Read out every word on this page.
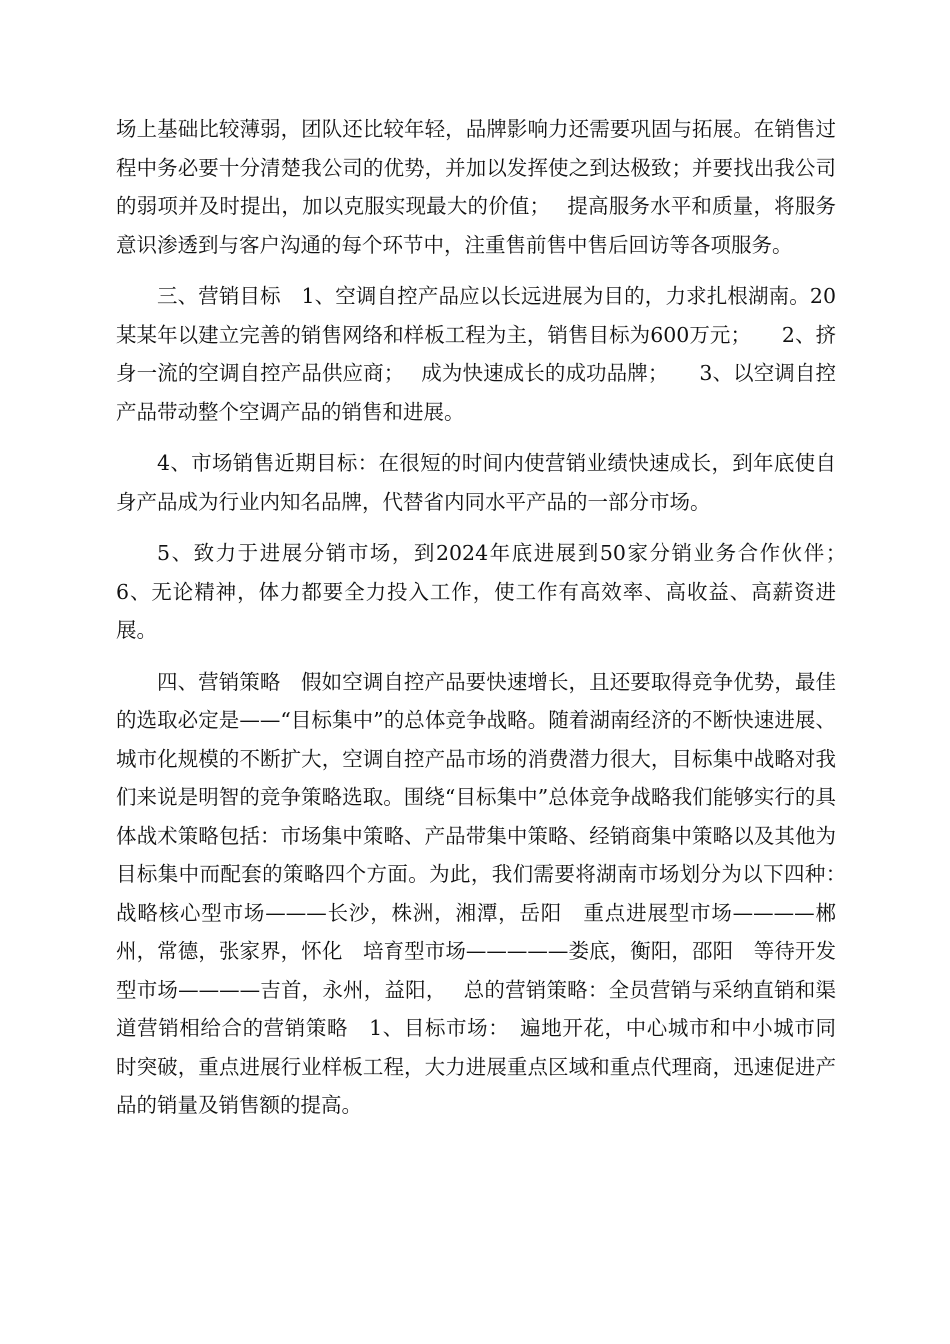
场上基础比较薄弱，团队还比较年轻，品牌影响力还需要巩固与拓展。在销售过程中务必要十分清楚我公司的优势，并加以发挥使之到达极致；并要找出我公司的弱项并及时提出，加以克服实现最大的价值；　 提高服务水平和质量，将服务意识渗透到与客户沟通的每个环节中，注重售前售中售后回访等各项服务。

三、营销目标　1、空调自控产品应以长远进展为目的，力求扎根湖南。20某某年以建立完善的销售网络和样板工程为主，销售目标为600万元；　　2、挤身一流的空调自控产品供应商；　 成为快速成长的成功品牌；　　3、以空调自控产品带动整个空调产品的销售和进展。

4、市场销售近期目标：在很短的时间内使营销业绩快速成长，到年底使自身产品成为行业内知名品牌，代替省内同水平产品的一部分市场。

5、致力于进展分销市场，到2024年底进展到50家分销业务合作伙伴；　　6、无论精神，体力都要全力投入工作，使工作有高效率、高收益、高薪资进展。

四、营销策略　假如空调自控产品要快速增长，且还要取得竞争优势，最佳的选取必定是——“目标集中”的总体竞争战略。随着湖南经济的不断快速进展、城市化规模的不断扩大，空调自控产品市场的消费潜力很大，目标集中战略对我们来说是明智的竞争策略选取。围绕“目标集中”总体竞争战略我们能够实行的具体战术策略包括：市场集中策略、产品带集中策略、经销商集中策略以及其他为目标集中而配套的策略四个方面。为此，我们需要将湖南市场划分为以下四种：　 战略核心型市场———长沙，株洲，湘潭，岳阳　重点进展型市场————郴州，常德，张家界，怀化　培育型市场—————娄底，衡阳，邵阳　等待开发型市场————吉首，永州，益阳，　 总的营销策略：全员营销与采纳直销和渠道营销相给合的营销策略　1、目标市场：　遍地开花，中心城市和中小城市同时突破，重点进展行业样板工程，大力进展重点区域和重点代理商，迅速促进产品的销量及销售额的提高。
